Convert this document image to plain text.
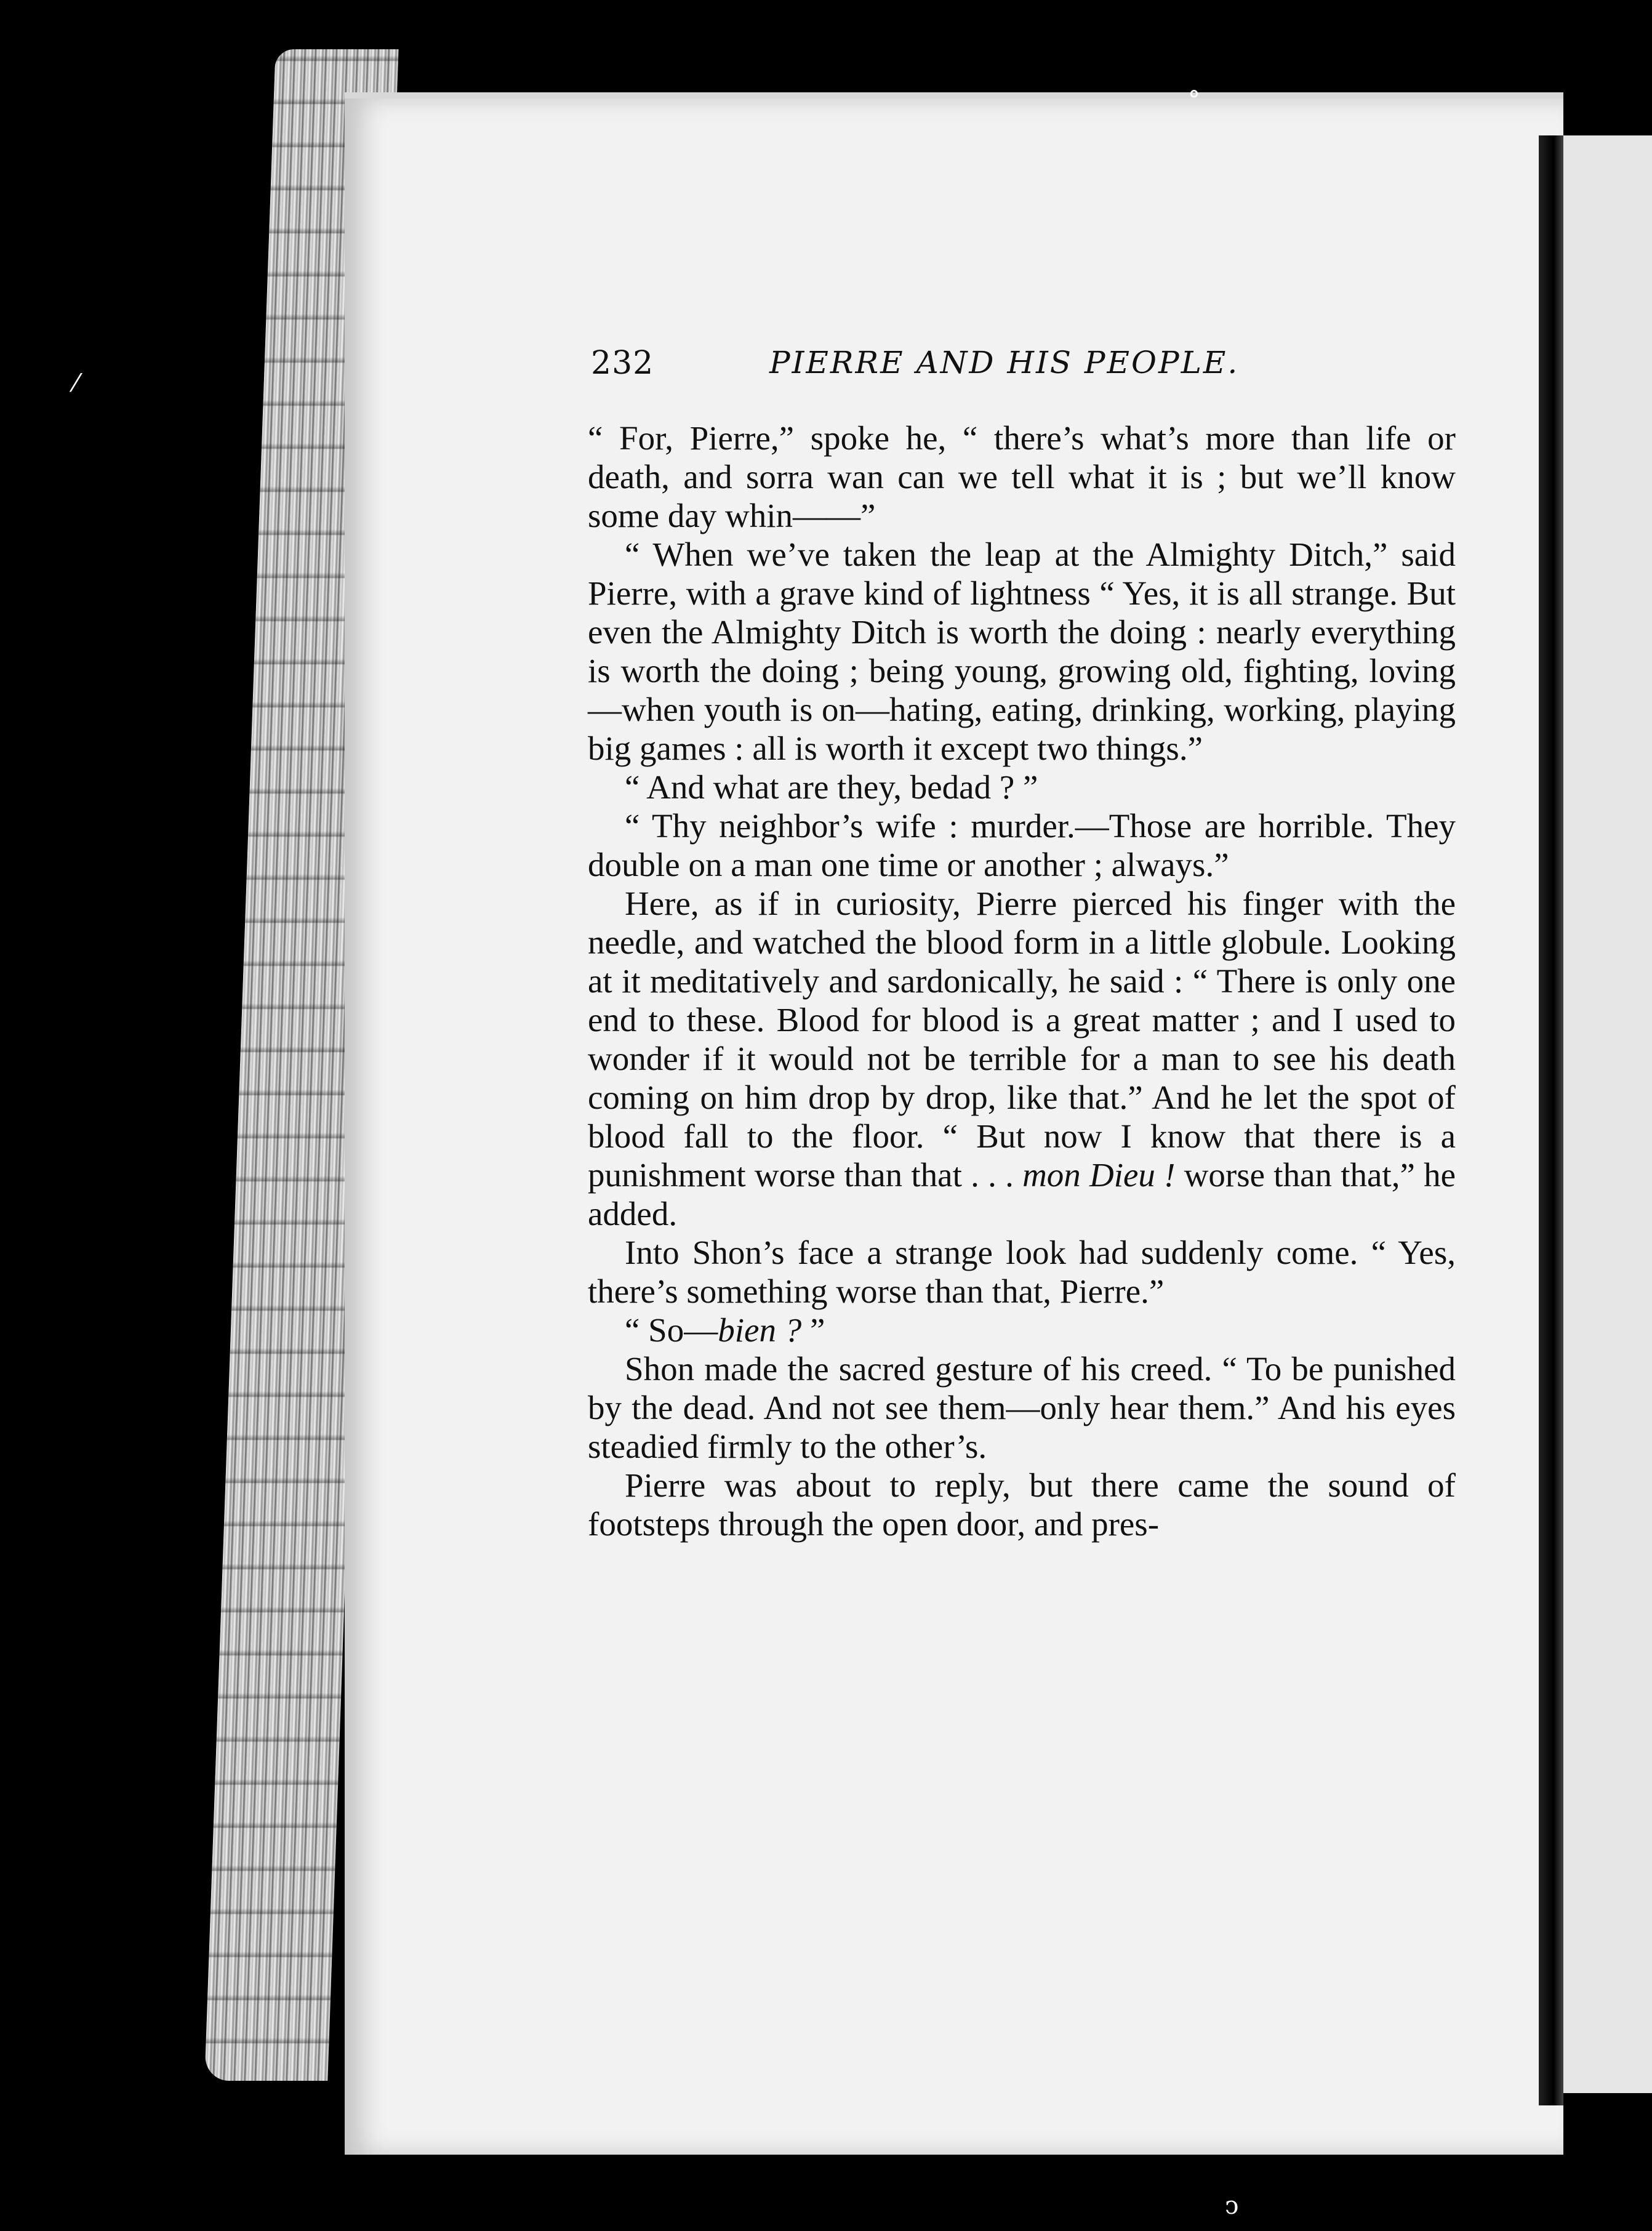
°
⁄
ↄ
232	PIERRE AND HIS PEOPLE.

“ For, Pierre,” spoke he, “ there’s what’s more than life or death, and sorra wan can we tell what it is ; but we’ll know some day whin——”

“ When we’ve taken the leap at the Almighty Ditch,” said Pierre, with a grave kind of lightness “ Yes, it is all strange. But even the Almighty Ditch is worth the doing : nearly everything is worth the doing ; being young, growing old, fighting, loving —when youth is on—hating, eating, drinking, working, playing big games : all is worth it except two things.”

“ And what are they, bedad ? ”

“ Thy neighbor’s wife : murder.—Those are horrible. They double on a man one time or another ; always.”

Here, as if in curiosity, Pierre pierced his finger with the needle, and watched the blood form in a little globule. Looking at it meditatively and sardonically, he said : “ There is only one end to these. Blood for blood is a great matter ; and I used to wonder if it would not be terrible for a man to see his death coming on him drop by drop, like that.” And he let the spot of blood fall to the floor. “ But now I know that there is a punishment worse than that . . . mon Dieu ! worse than that,” he added.

Into Shon’s face a strange look had suddenly come. “ Yes, there’s something worse than that, Pierre.”

“ So—bien ? ”

Shon made the sacred gesture of his creed. “ To be punished by the dead. And not see them—only hear them.” And his eyes steadied firmly to the other’s.

Pierre was about to reply, but there came the sound of footsteps through the open door, and pres-
